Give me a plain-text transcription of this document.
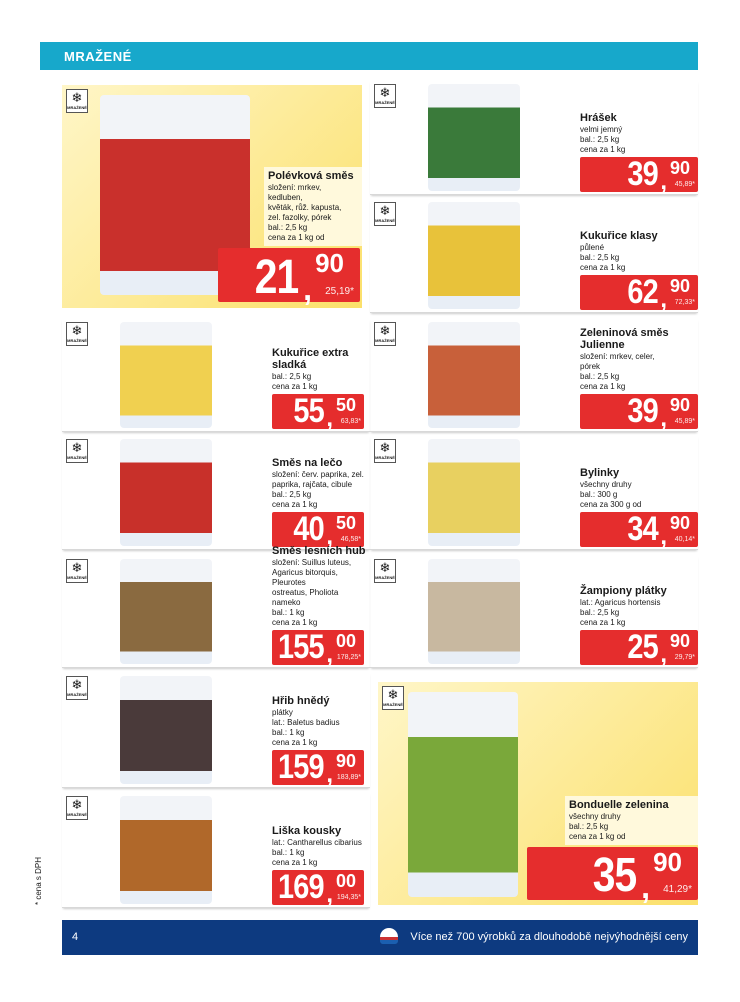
MRAŽENÉ
❄
MRAŽENÉ
Polévková směs
složení: mrkev, kedluben,
květák, růž. kapusta,
zel. fazolky, pórek
bal.: 2,5 kg
cena za 1 kg od
21 ,
90
25,19*
❄
MRAŽENÉ
Hrášek
velmi jemný
bal.: 2,5 kg
cena za 1 kg
39 , 90
45,89*
❄
MRAŽENÉ
Kukuřice klasy
půlené
bal.: 2,5 kg
cena za 1 kg
62 , 90
72,33*
❄
MRAŽENÉ
Kukuřice extra sladká
bal.: 2,5 kg
cena za 1 kg
55 , 50
63,83*
❄
MRAŽENÉ
Zeleninová směs Julienne
složení: mrkev, celer,
pórek
bal.: 2,5 kg
cena za 1 kg
39 , 90
45,89*
❄
MRAŽENÉ	Směs na lečo
složení: červ. paprika, zel.
paprika, rajčata, cibule
bal.: 2,5 kg
cena za 1 kg
40 , 50
46,58*
❄
MRAŽENÉ
Bylinky
všechny druhy
bal.: 300 g
cena za 300 g od
34 , 90
40,14*
❄
MRAŽENÉ
Směs lesních hub
složení: Suillus luteus,
Agaricus bitorquis, Pleurotes
ostreatus, Pholiota nameko
bal.: 1 kg
cena za 1 kg
155 , 00
178,25*
❄
MRAŽENÉ
Žampiony plátky
lat.: Agaricus hortensis
bal.: 2,5 kg
cena za 1 kg
25 , 90
29,79*
❄
MRAŽENÉ
Hřib hnědý
plátky
lat.: Baletus badius
bal.: 1 kg
cena za 1 kg
159 , 90
183,89*
❄
MRAŽENÉ
Liška kousky
lat.: Cantharellus cibarius
bal.: 1 kg
cena za 1 kg
169 , 00
194,35*
❄
MRAŽENÉ
Bonduelle zelenina
všechny druhy
bal.: 2,5 kg
cena za 1 kg od
35 ,
90
41,29*
* cena s DPH
4	Více než 700 výrobků za dlouhodobě nejvýhodnější ceny
